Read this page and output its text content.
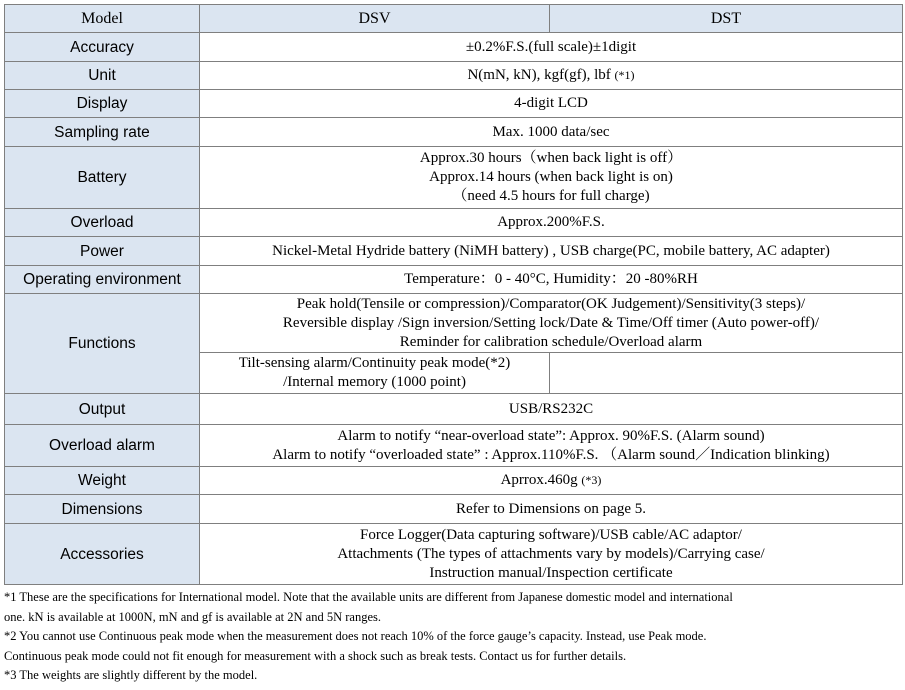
Model	DSV	DST
Accuracy	±0.2%F.S.(full scale)±1digit	
Unit	N(mN, kN), kgf(gf), lbf (*1)	
Display	4-digit LCD	
Sampling rate	Max. 1000 data/sec	
Battery	Approx.30 hours（when back light is off）
Approx.14 hours (when back light is on)
（need 4.5 hours for full charge)	

Overload	Approx.200%F.S.	
Power	Nickel-Metal Hydride battery (NiMH battery) , USB charge(PC, mobile battery, AC adapter)	
Operating environment	Temperature：0 - 40°C, Humidity：20 -80%RH	
Functions	Peak hold(Tensile or compression)/Comparator(OK Judgement)/Sensitivity(3 steps)/
Reversible display /Sign inversion/Setting lock/Date & Time/Off timer (Auto power-off)/
Reminder for calibration schedule/Overload alarm	

	Tilt-sensing alarm/Continuity peak mode(*2)
/Internal memory (1000 point)	

Output	USB/RS232C	
Overload alarm	Alarm to notify “near-overload state”: Approx. 90%F.S. (Alarm sound)
Alarm to notify “overloaded state” : Approx.110%F.S. （Alarm sound／Indication blinking)	

Weight	Aprrox.460g (*3)	
Dimensions	Refer to Dimensions on page 5.	
Accessories	Force Logger(Data capturing software)/USB cable/AC adaptor/
Attachments (The types of attachments vary by models)/Carrying case/
Instruction manual/Inspection certificate	

*1 These are the specifications for International model. Note that the available units are different from Japanese domestic model and international

one. kN is available at 1000N, mN and gf is available at 2N and 5N ranges.

*2 You cannot use Continuous peak mode when the measurement does not reach 10% of the force gauge’s capacity. Instead, use Peak mode.

Continuous peak mode could not fit enough for measurement with a shock such as break tests. Contact us for further details.

*3 The weights are slightly different by the model.
